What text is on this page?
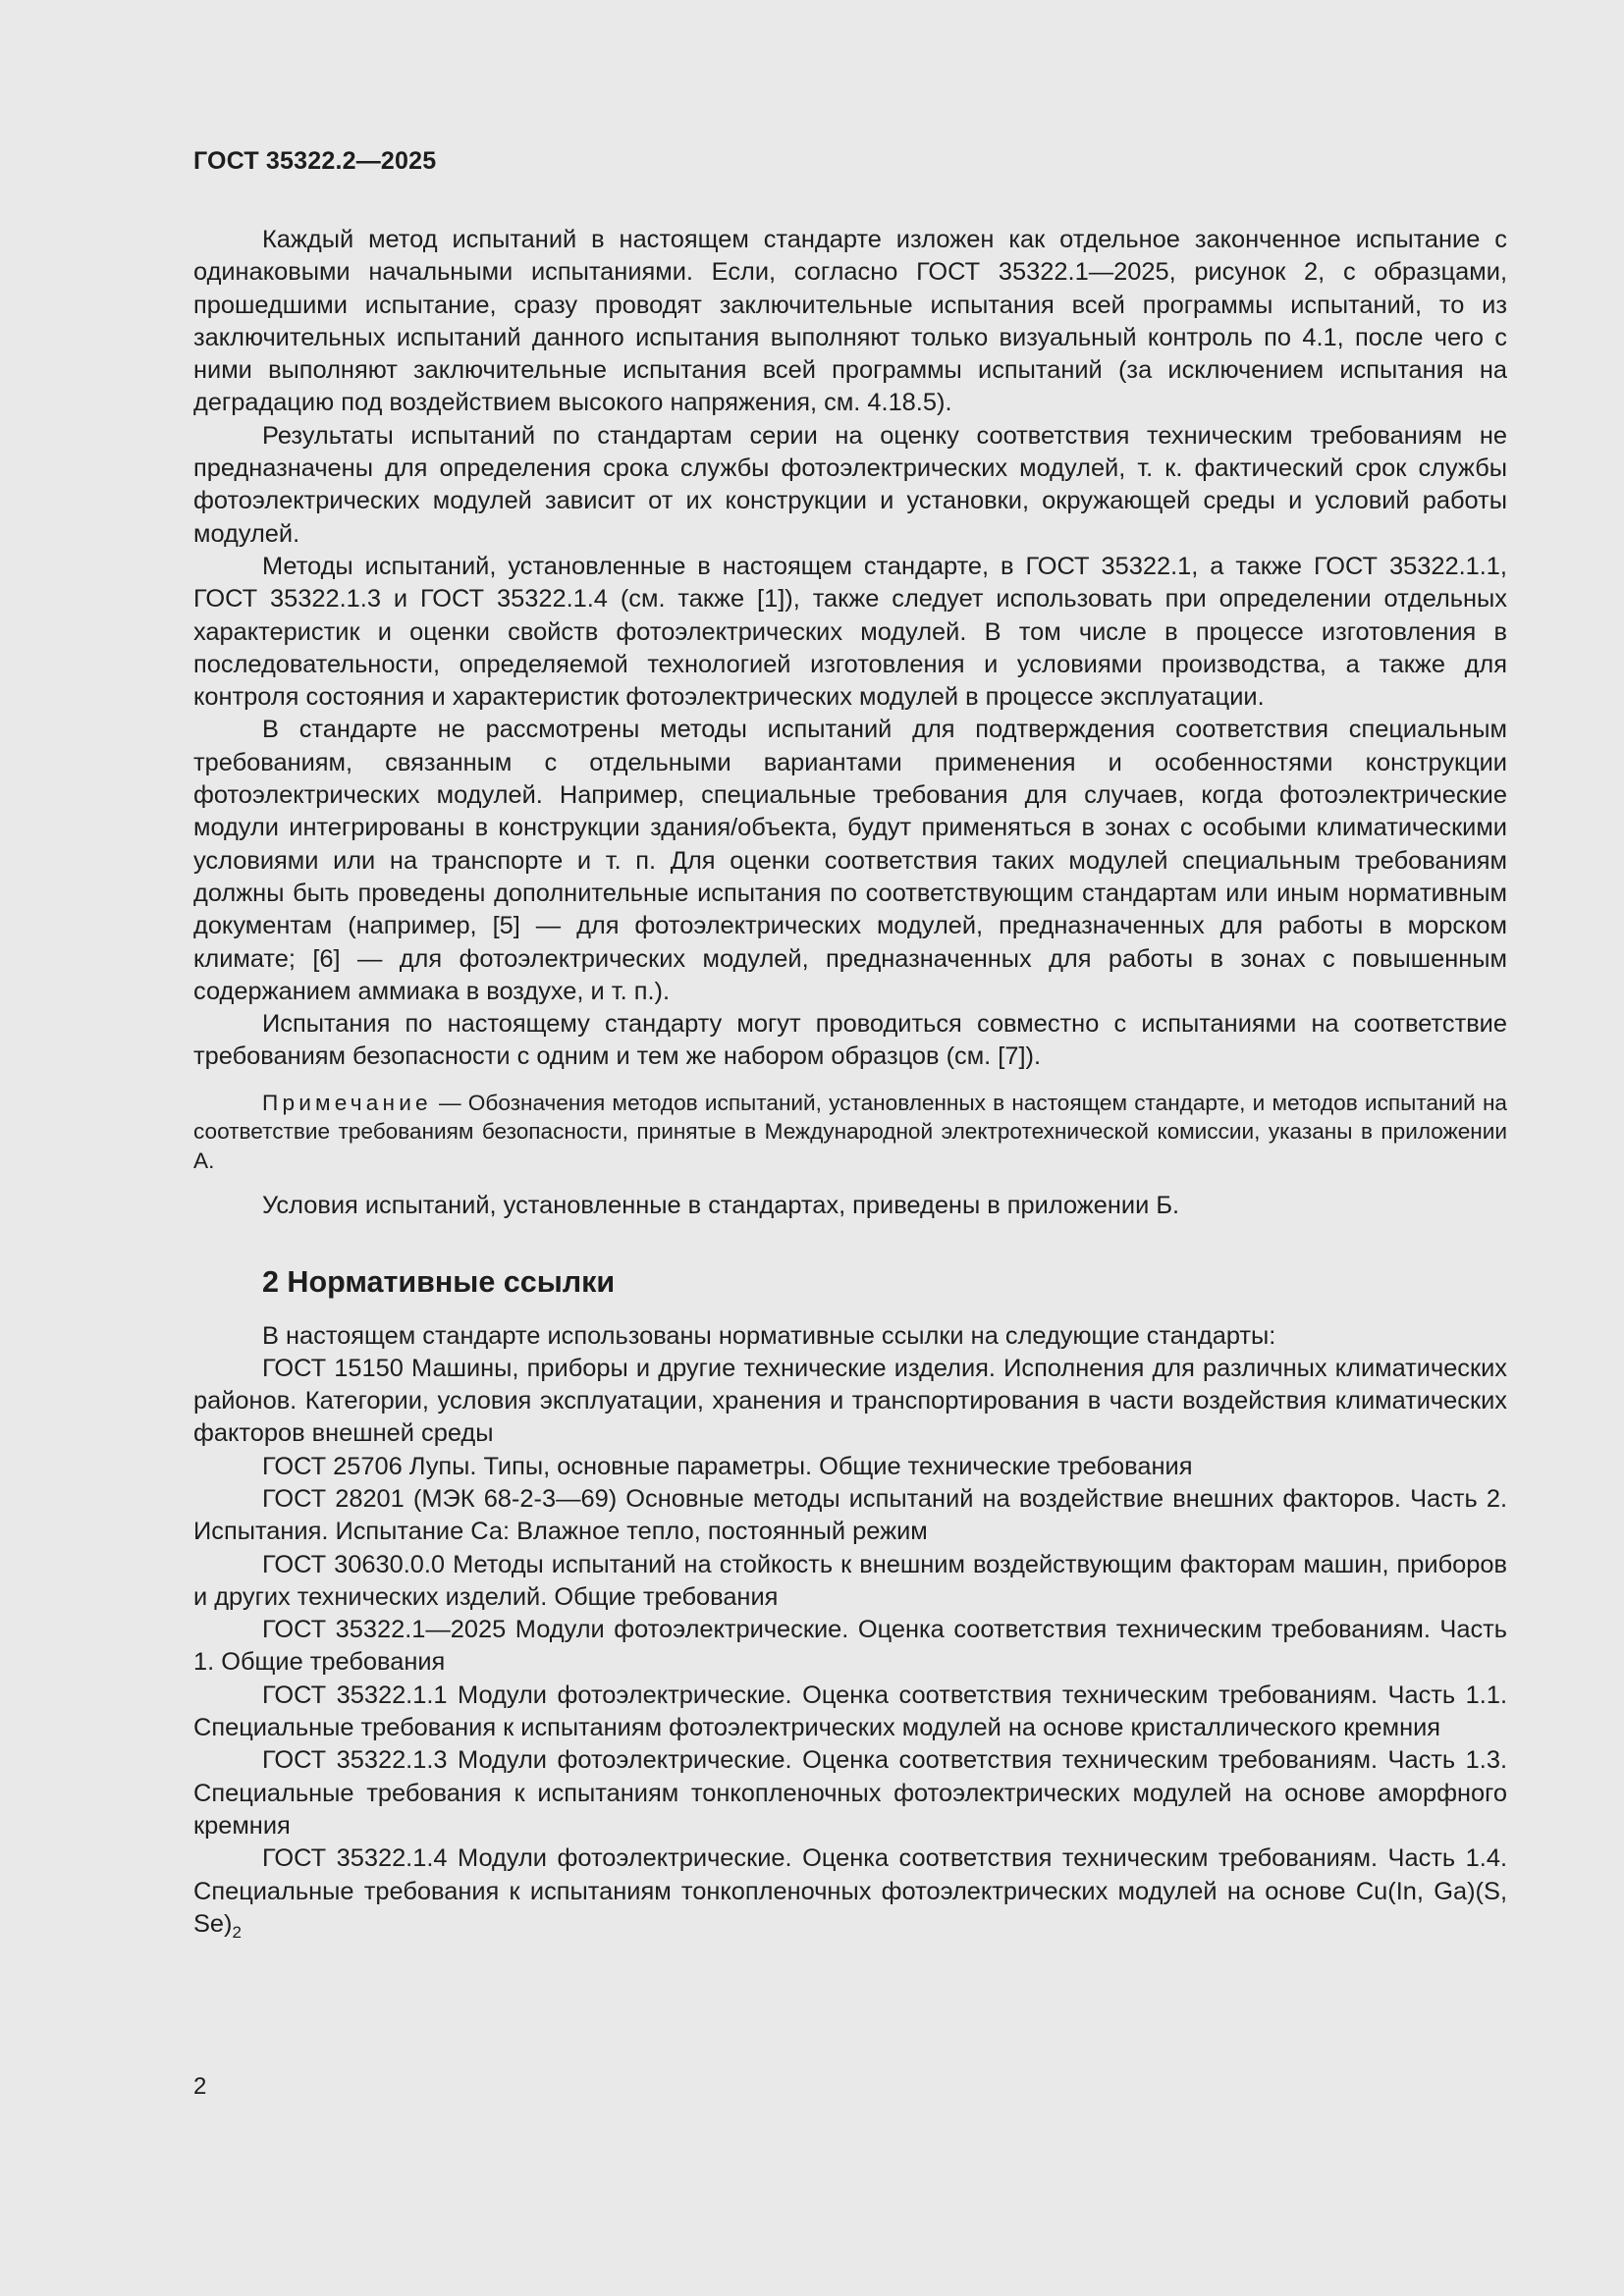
ГОСТ 35322.2—2025

Каждый метод испытаний в настоящем стандарте изложен как отдельное законченное испытание с одинаковыми начальными испытаниями. Если, согласно ГОСТ 35322.1—2025, рисунок 2, с образцами, прошедшими испытание, сразу проводят заключительные испытания всей программы испытаний, то из заключительных испытаний данного испытания выполняют только визуальный контроль по 4.1, после чего с ними выполняют заключительные испытания всей программы испытаний (за исключением испытания на деградацию под воздействием высокого напряжения, см. 4.18.5).

Результаты испытаний по стандартам серии на оценку соответствия техническим требованиям не предназначены для определения срока службы фотоэлектрических модулей, т. к. фактический срок службы фотоэлектрических модулей зависит от их конструкции и установки, окружающей среды и условий работы модулей.

Методы испытаний, установленные в настоящем стандарте, в ГОСТ 35322.1, а также ГОСТ 35322.1.1, ГОСТ 35322.1.3 и ГОСТ 35322.1.4 (см. также [1]), также следует использовать при определении отдельных характеристик и оценки свойств фотоэлектрических модулей. В том числе в процессе изготовления в последовательности, определяемой технологией изготовления и условиями производства, а также для контроля состояния и характеристик фотоэлектрических модулей в процессе эксплуатации.

В стандарте не рассмотрены методы испытаний для подтверждения соответствия специальным требованиям, связанным с отдельными вариантами применения и особенностями конструкции фотоэлектрических модулей. Например, специальные требования для случаев, когда фотоэлектрические модули интегрированы в конструкции здания/объекта, будут применяться в зонах с особыми климатическими условиями или на транспорте и т. п. Для оценки соответствия таких модулей специальным требованиям должны быть проведены дополнительные испытания по соответствующим стандартам или иным нормативным документам (например, [5] — для фотоэлектрических модулей, предназначенных для работы в морском климате; [6] — для фотоэлектрических модулей, предназначенных для работы в зонах с повышенным содержанием аммиака в воздухе, и т. п.).

Испытания по настоящему стандарту могут проводиться совместно с испытаниями на соответствие требованиям безопасности с одним и тем же набором образцов (см. [7]).

Примечание — Обозначения методов испытаний, установленных в настоящем стандарте, и методов испытаний на соответствие требованиям безопасности, принятые в Международной электротехнической комиссии, указаны в приложении А.

Условия испытаний, установленные в стандартах, приведены в приложении Б.

2 Нормативные ссылки

В настоящем стандарте использованы нормативные ссылки на следующие стандарты:

ГОСТ 15150 Машины, приборы и другие технические изделия. Исполнения для различных климатических районов. Категории, условия эксплуатации, хранения и транспортирования в части воздействия климатических факторов внешней среды

ГОСТ 25706 Лупы. Типы, основные параметры. Общие технические требования

ГОСТ 28201 (МЭК 68-2-3—69) Основные методы испытаний на воздействие внешних факторов. Часть 2. Испытания. Испытание Са: Влажное тепло, постоянный режим

ГОСТ 30630.0.0 Методы испытаний на стойкость к внешним воздействующим факторам машин, приборов и других технических изделий. Общие требования

ГОСТ 35322.1—2025 Модули фотоэлектрические. Оценка соответствия техническим требованиям. Часть 1. Общие требования

ГОСТ 35322.1.1 Модули фотоэлектрические. Оценка соответствия техническим требованиям. Часть 1.1. Специальные требования к испытаниям фотоэлектрических модулей на основе кристаллического кремния

ГОСТ 35322.1.3 Модули фотоэлектрические. Оценка соответствия техническим требованиям. Часть 1.3. Специальные требования к испытаниям тонкопленочных фотоэлектрических модулей на основе аморфного кремния

ГОСТ 35322.1.4 Модули фотоэлектрические. Оценка соответствия техническим требованиям. Часть 1.4. Специальные требования к испытаниям тонкопленочных фотоэлектрических модулей на основе Cu(In, Ga)(S, $Se)_2$

2
